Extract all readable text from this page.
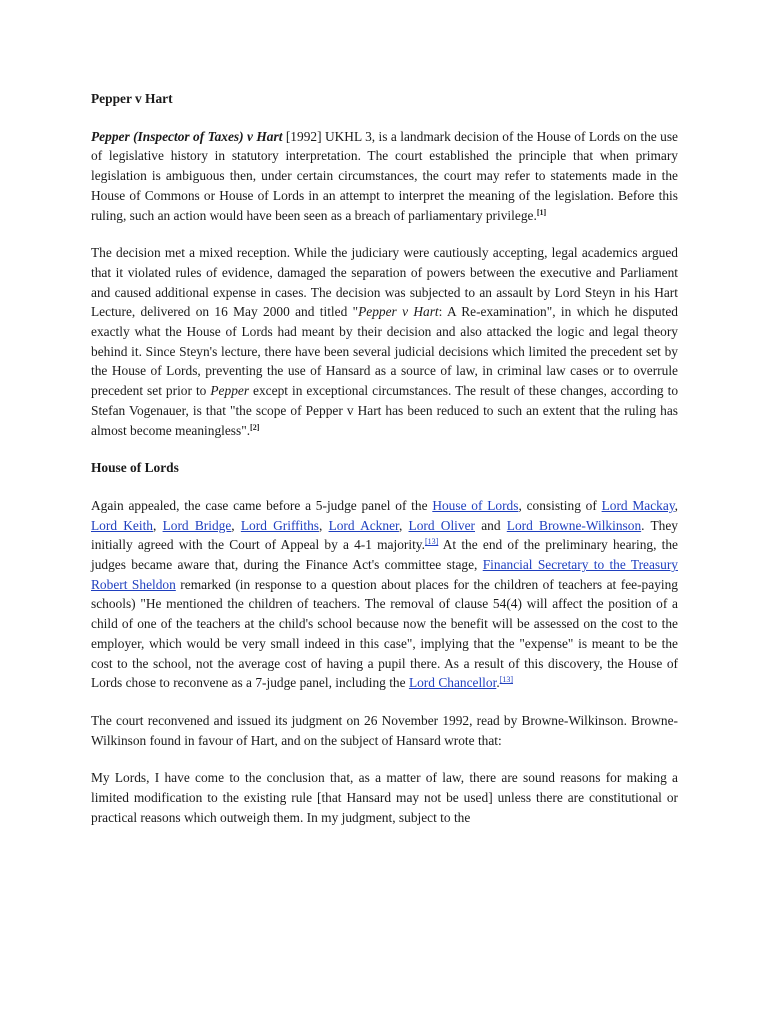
Pepper v Hart

Pepper (Inspector of Taxes) v Hart [1992] UKHL 3, is a landmark decision of the House of Lords on the use of legislative history in statutory interpretation. The court established the principle that when primary legislation is ambiguous then, under certain circumstances, the court may refer to statements made in the House of Commons or House of Lords in an attempt to interpret the meaning of the legislation. Before this ruling, such an action would have been seen as a breach of parliamentary privilege.[1]

The decision met a mixed reception. While the judiciary were cautiously accepting, legal academics argued that it violated rules of evidence, damaged the separation of powers between the executive and Parliament and caused additional expense in cases. The decision was subjected to an assault by Lord Steyn in his Hart Lecture, delivered on 16 May 2000 and titled "Pepper v Hart: A Re-examination", in which he disputed exactly what the House of Lords had meant by their decision and also attacked the logic and legal theory behind it. Since Steyn's lecture, there have been several judicial decisions which limited the precedent set by the House of Lords, preventing the use of Hansard as a source of law, in criminal law cases or to overrule precedent set prior to Pepper except in exceptional circumstances. The result of these changes, according to Stefan Vogenauer, is that "the scope of Pepper v Hart has been reduced to such an extent that the ruling has almost become meaningless".[2]

House of Lords

Again appealed, the case came before a 5-judge panel of the House of Lords, consisting of Lord Mackay, Lord Keith, Lord Bridge, Lord Griffiths, Lord Ackner, Lord Oliver and Lord Browne-Wilkinson. They initially agreed with the Court of Appeal by a 4-1 majority.[13] At the end of the preliminary hearing, the judges became aware that, during the Finance Act's committee stage, Financial Secretary to the Treasury Robert Sheldon remarked (in response to a question about places for the children of teachers at fee-paying schools) "He mentioned the children of teachers. The removal of clause 54(4) will affect the position of a child of one of the teachers at the child's school because now the benefit will be assessed on the cost to the employer, which would be very small indeed in this case", implying that the "expense" is meant to be the cost to the school, not the average cost of having a pupil there. As a result of this discovery, the House of Lords chose to reconvene as a 7-judge panel, including the Lord Chancellor.[13]

The court reconvened and issued its judgment on 26 November 1992, read by Browne-Wilkinson. Browne-Wilkinson found in favour of Hart, and on the subject of Hansard wrote that:

My Lords, I have come to the conclusion that, as a matter of law, there are sound reasons for making a limited modification to the existing rule [that Hansard may not be used] unless there are constitutional or practical reasons which outweigh them. In my judgment, subject to the
